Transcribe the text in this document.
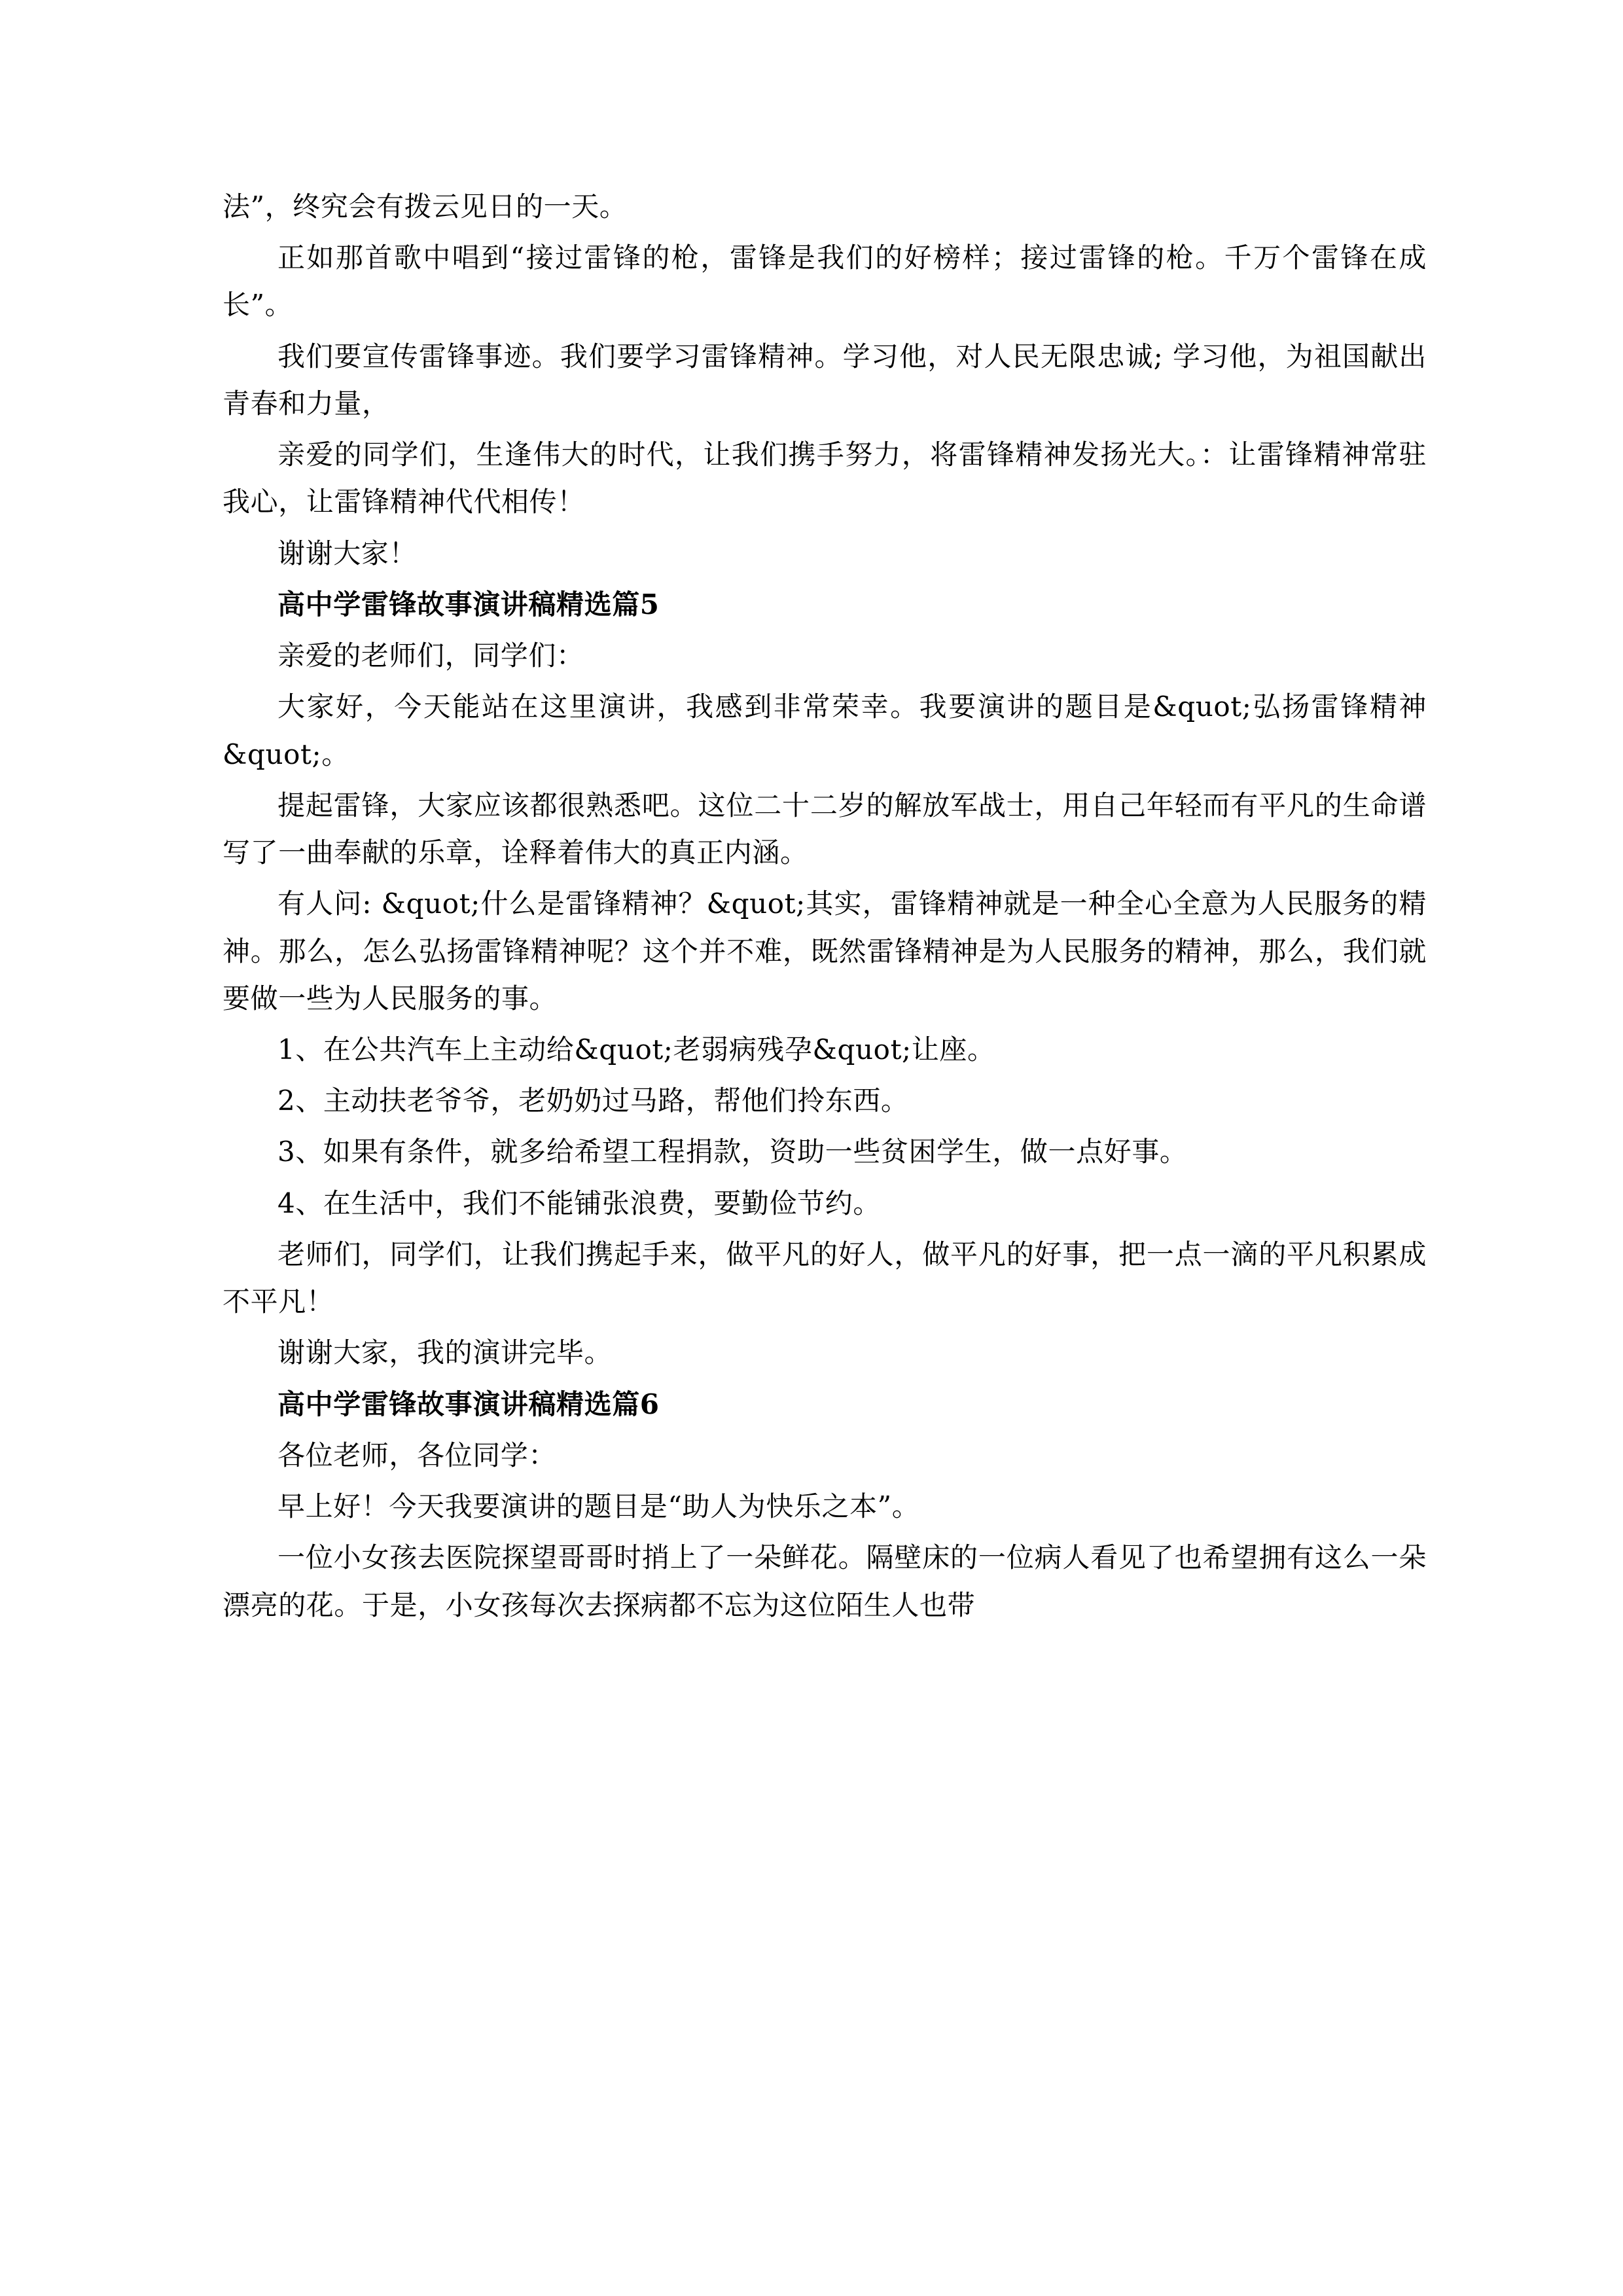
法”，终究会有拨云见日的一天。

正如那首歌中唱到“接过雷锋的枪，雷锋是我们的好榜样；接过雷锋的枪。千万个雷锋在成长”。

我们要宣传雷锋事迹。我们要学习雷锋精神。学习他，对人民无限忠诚; 学习他，为祖国献出青春和力量，

亲爱的同学们，生逢伟大的时代，让我们携手努力，将雷锋精神发扬光大。：让雷锋精神常驻我心，让雷锋精神代代相传！

谢谢大家！

高中学雷锋故事演讲稿精选篇5

亲爱的老师们，同学们：

大家好，今天能站在这里演讲，我感到非常荣幸。我要演讲的题目是&quot;弘扬雷锋精神&quot;。

提起雷锋，大家应该都很熟悉吧。这位二十二岁的解放军战士，用自己年轻而有平凡的生命谱写了一曲奉献的乐章，诠释着伟大的真正内涵。

有人问: &quot;什么是雷锋精神？&quot;其实，雷锋精神就是一种全心全意为人民服务的精神。那么，怎么弘扬雷锋精神呢？这个并不难，既然雷锋精神是为人民服务的精神，那么，我们就要做一些为人民服务的事。

1、在公共汽车上主动给&quot;老弱病残孕&quot;让座。

2、主动扶老爷爷，老奶奶过马路，帮他们拎东西。

3、如果有条件，就多给希望工程捐款，资助一些贫困学生，做一点好事。

4、在生活中，我们不能铺张浪费，要勤俭节约。

老师们，同学们，让我们携起手来，做平凡的好人，做平凡的好事，把一点一滴的平凡积累成不平凡！

谢谢大家，我的演讲完毕。

高中学雷锋故事演讲稿精选篇6

各位老师，各位同学：

早上好！今天我要演讲的题目是“助人为快乐之本”。

一位小女孩去医院探望哥哥时捎上了一朵鲜花。隔壁床的一位病人看见了也希望拥有这么一朵漂亮的花。于是，小女孩每次去探病都不忘为这位陌生人也带
